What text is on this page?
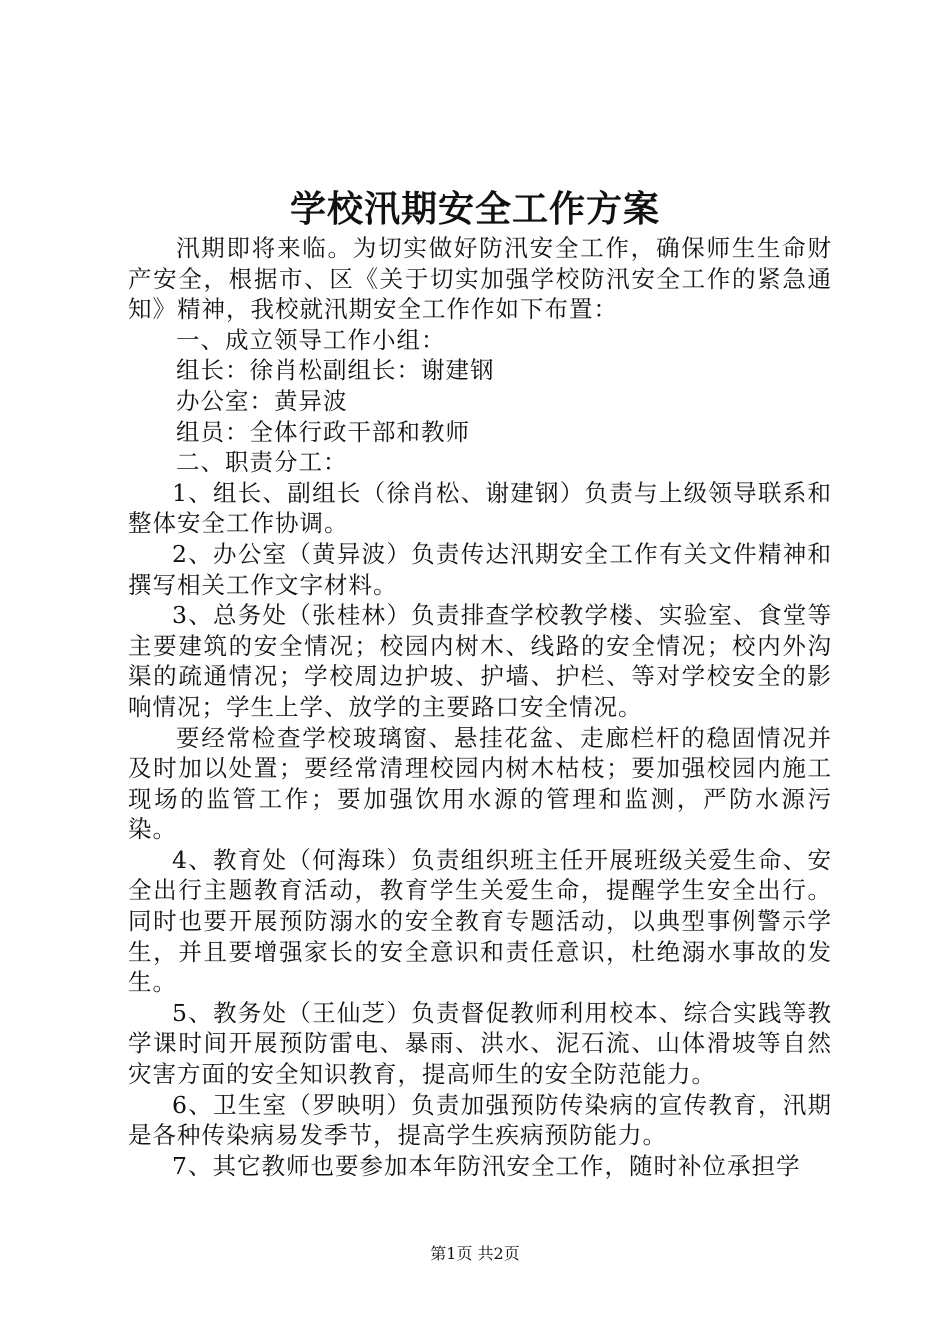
学校汛期安全工作方案

汛期即将来临。为切实做好防汛安全工作，确保师生生命财产安全，根据市、区《关于切实加强学校防汛安全工作的紧急通知》精神，我校就汛期安全工作作如下布置：

一、成立领导工作小组：

组长：徐肖松副组长：谢建钢

办公室：黄异波

组员：全体行政干部和教师

二、职责分工：

1、组长、副组长（徐肖松、谢建钢）负责与上级领导联系和整体安全工作协调。

2、办公室（黄异波）负责传达汛期安全工作有关文件精神和撰写相关工作文字材料。

3、总务处（张桂林）负责排查学校教学楼、实验室、食堂等主要建筑的安全情况；校园内树木、线路的安全情况；校内外沟渠的疏通情况；学校周边护坡、护墙、护栏、等对学校安全的影响情况；学生上学、放学的主要路口安全情况。

要经常检查学校玻璃窗、悬挂花盆、走廊栏杆的稳固情况并及时加以处置；要经常清理校园内树木枯枝；要加强校园内施工现场的监管工作；要加强饮用水源的管理和监测，严防水源污染。

4、教育处（何海珠）负责组织班主任开展班级关爱生命、安全出行主题教育活动，教育学生关爱生命，提醒学生安全出行。同时也要开展预防溺水的安全教育专题活动，以典型事例警示学生，并且要增强家长的安全意识和责任意识，杜绝溺水事故的发生。

5、教务处（王仙芝）负责督促教师利用校本、综合实践等教学课时间开展预防雷电、暴雨、洪水、泥石流、山体滑坡等自然灾害方面的安全知识教育，提高师生的安全防范能力。

6、卫生室（罗映明）负责加强预防传染病的宣传教育，汛期是各种传染病易发季节，提高学生疾病预防能力。

7、其它教师也要参加本年防汛安全工作，随时补位承担学

第1页 共2页
